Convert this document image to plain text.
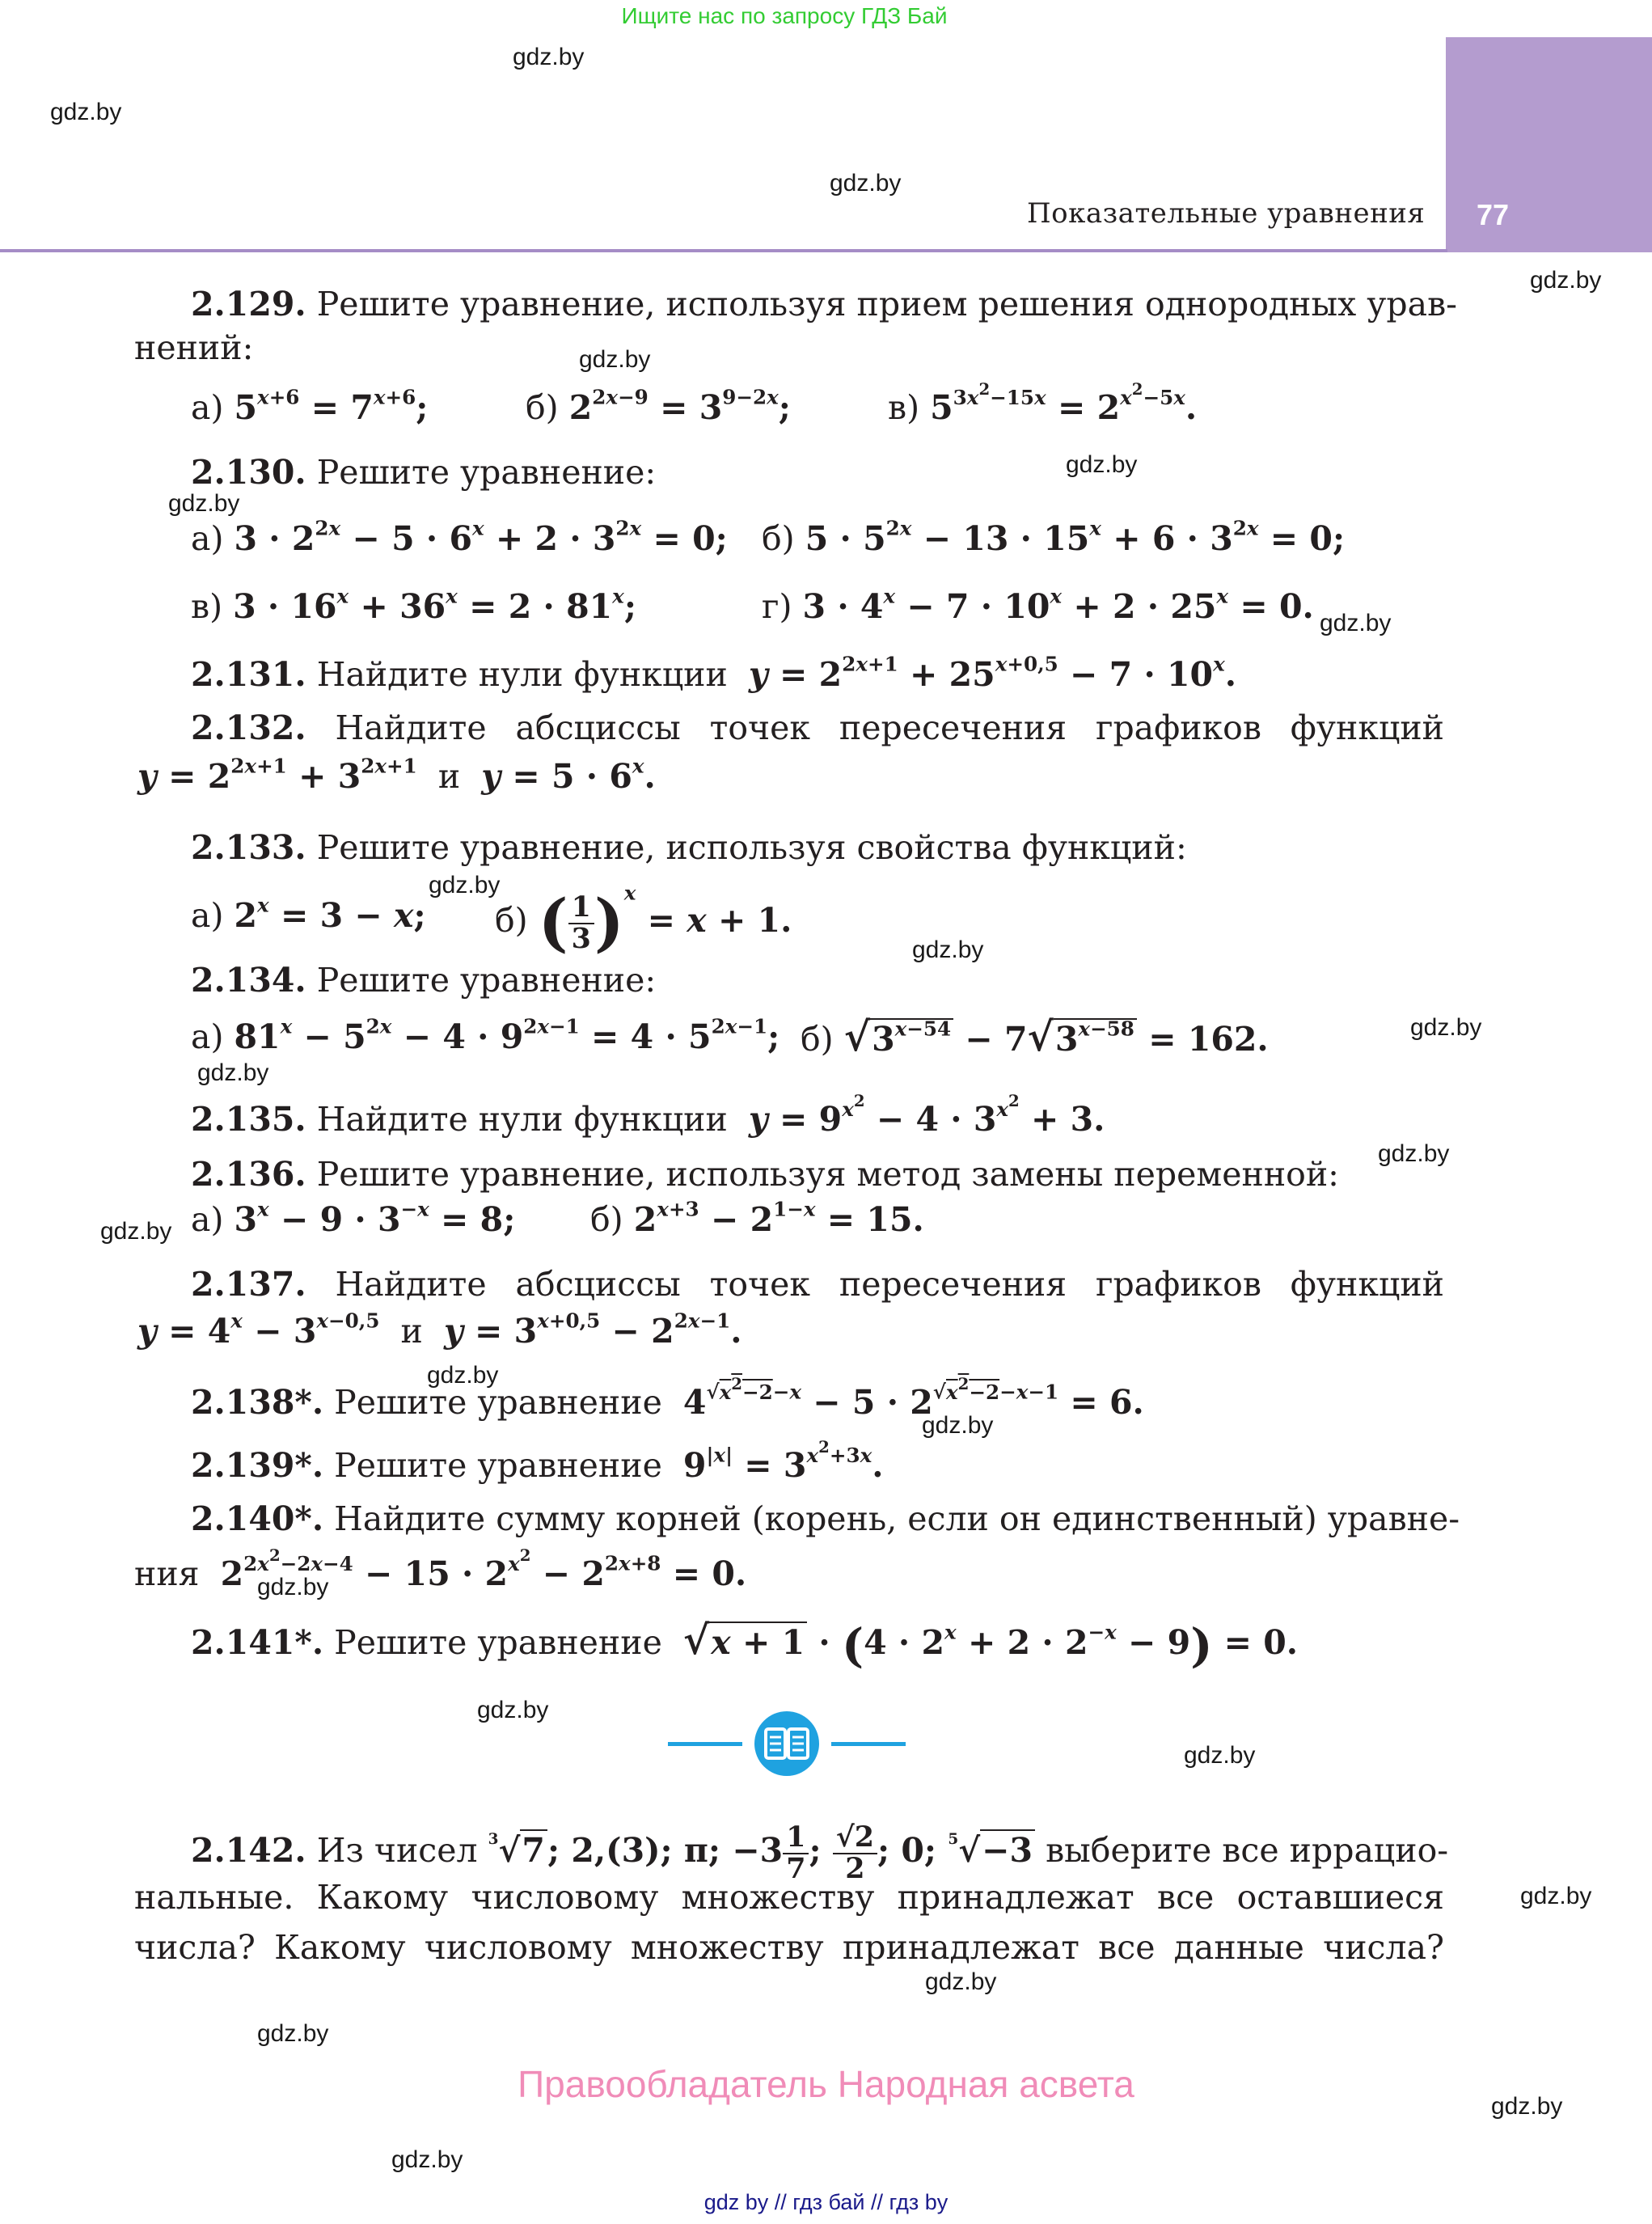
Ищите нас по запросу ГДЗ Бай
77
Показательные уравнения
gdz.by
gdz.by
gdz.by
gdz.by
gdz.by
gdz.by
gdz.by
gdz.by
gdz.by
gdz.by
gdz.by
gdz.by
gdz.by
gdz.by
gdz.by
gdz.by
gdz.by
gdz.by
gdz.by
gdz.by
gdz.by
gdz.by
gdz.by
gdz.by
2.129. Решите уравнение, используя прием решения однородных урав-
нений:
а) $5^{x+6} = 7^{x+6}$;	б) $2^{2x-9} = 3^{9-2x}$;	в) $5^{3x^2-15x} = 2^{x^2-5x}$.
2.130. Решите уравнение:
а) $3 \cdot 2^{2x} - 5 \cdot 6^x + 2 \cdot 3^{2x} = 0$; б) $5 \cdot 5^{2x} - 13 \cdot 15^x + 6 \cdot 3^{2x} = 0$;
в) $3 \cdot 16^x + 36^x = 2 \cdot 81^x$;	г) $3 \cdot 4^x - 7 \cdot 10^x + 2 \cdot 25^x = 0$.
2.131. Найдите нули функции $y = 2^{2x+1} + 25^{x+0,5} - 7 \cdot 10^x$.
2.132. Найдите абсциссы точек пересечения графиков функций
$y = 2^{2x+1} + 3^{2x+1}$ и $y = 5 \cdot 6^x$.
2.133. Решите уравнение, используя свойства функций:
а) $2^x = 3 - x$; б) ( $\frac{1}{3} )^x = x + 1$.
2.134. Решите уравнение:
а) $81^x - 5^{2x} - 4 \cdot 9^{2x-1} = 4 \cdot 5^{2x-1}$; б) $√3^{x-54} - 7√3^{x-58} = 162$.
2.135. Найдите нули функции $y = 9^{x^2} - 4 \cdot 3^{x^2} + 3$.
2.136. Решите уравнение, используя метод замены переменной:
а) $3^x - 9 \cdot 3^{-x} = 8$; б) $2^{x+3} - 2^{1-x} = 15$.
2.137. Найдите абсциссы точек пересечения графиков функций
$y = 4^x - 3^{x-0,5}$ и $y = 3^{x+0,5} - 2^{2x-1}$.
2.138*. Решите уравнение $4^{√x^2-2-x} - 5 \cdot 2^{√x^2-2-x-1} = 6$.
2.139*. Решите уравнение $9^{|x|} = 3^{x^2+3x}$.
2.140*. Найдите сумму корней (корень, если он единственный) уравне-
ния $2^{2x^2-2x-4} - 15 \cdot 2^{x^2} - 2^{2x+8} = 0$.
2.141*. Решите уравнение $√x + 1 \cdot (4 \cdot 2^x + 2 \cdot 2^{-x} - 9) = 0$.
2.142. Из чисел $^3$√7; 2,(3); π; $-3 \frac{1}{7}$ ; $\frac{√2}{2}$ ; 0; $^5$√−3 выберите все иррацио-
нальные. Какому числовому множеству принадлежат все оставшиеся
числа? Какому числовому множеству принадлежат все данные числа?
Правообладатель Народная асвета
gdz by // гдз бай // гдз by
